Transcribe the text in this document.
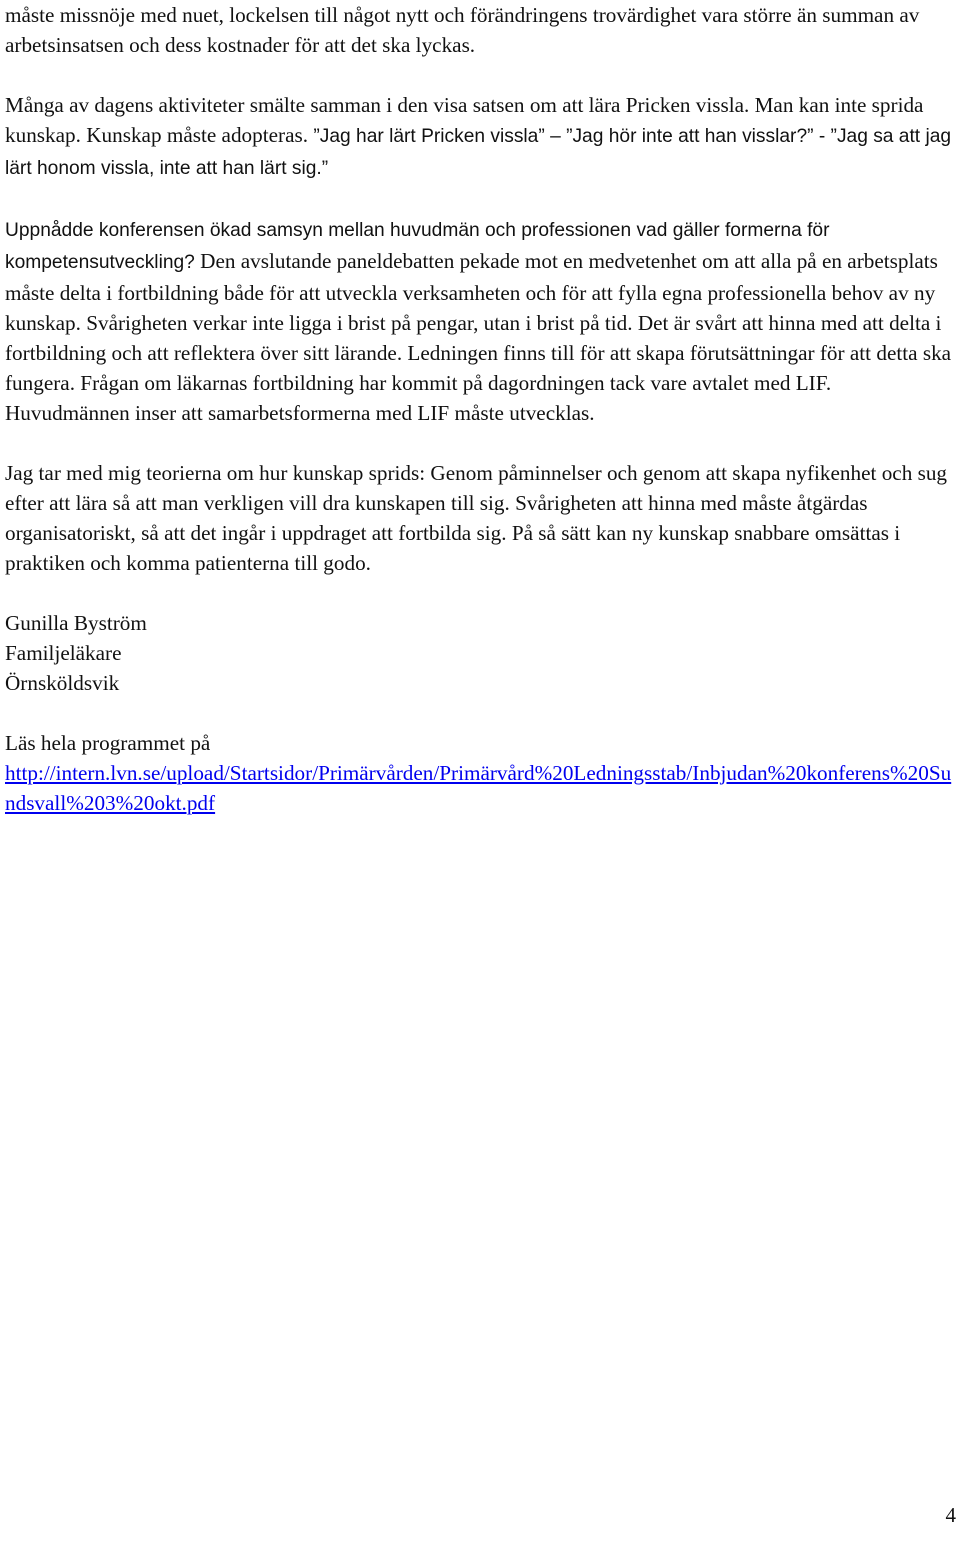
måste missnöje med nuet, lockelsen till något nytt och förändringens trovärdighet vara större än summan av arbetsinsatsen och dess kostnader för att det ska lyckas.

Många av dagens aktiviteter smälte samman i den visa satsen om att lära Pricken vissla. Man kan inte sprida kunskap. Kunskap måste adopteras. ”Jag har lärt Pricken vissla” – ”Jag hör inte att han visslar?” - ”Jag sa att jag lärt honom vissla, inte att han lärt sig.”

Uppnådde konferensen ökad samsyn mellan huvudmän och professionen vad gäller formerna för kompetensutveckling? Den avslutande paneldebatten pekade mot en medvetenhet om att alla på en arbetsplats måste delta i fortbildning både för att utveckla verksamheten och för att fylla egna professionella behov av ny kunskap. Svårigheten verkar inte ligga i brist på pengar, utan i brist på tid. Det är svårt att hinna med att delta i fortbildning och att reflektera över sitt lärande. Ledningen finns till för att skapa förutsättningar för att detta ska fungera. Frågan om läkarnas fortbildning har kommit på dagordningen tack vare avtalet med LIF. Huvudmännen inser att samarbetsformerna med LIF måste utvecklas.

Jag tar med mig teorierna om hur kunskap sprids: Genom påminnelser och genom att skapa nyfikenhet och sug efter att lära så att man verkligen vill dra kunskapen till sig. Svårigheten att hinna med måste åtgärdas organisatoriskt, så att det ingår i uppdraget att fortbilda sig. På så sätt kan ny kunskap snabbare omsättas i praktiken och komma patienterna till godo.

Gunilla Byström
Familjeläkare
Örnsköldsvik

Läs hela programmet på
http://intern.lvn.se/upload/Startsidor/Primärvården/Primärvård%20Ledningsstab/Inbjudan%20konferens%20Sundsvall%203%20okt.pdf

4
